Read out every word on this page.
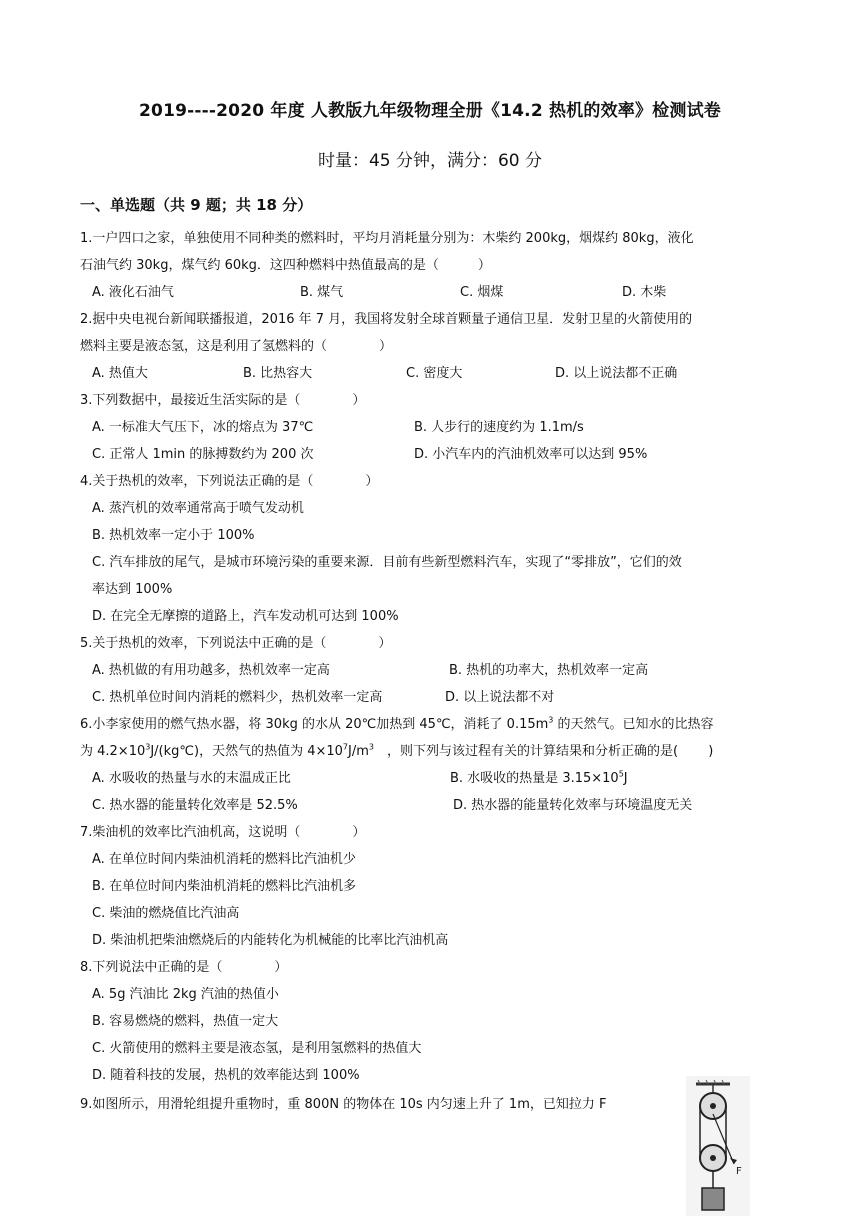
2019----2020 年度 人教版九年级物理全册《14.2 热机的效率》检测试卷
时量：45 分钟，满分：60 分
一、单选题（共 9 题；共 18 分）
1.一户四口之家，单独使用不同种类的燃料时，平均月消耗量分别为：木柴约 200kg，烟煤约 80kg，液化
石油气约 30kg，煤气约 60kg．这四种燃料中热值最高的是（　　　）
A. 液化石油气	B. 煤气	C. 烟煤	D. 木柴
2.据中央电视台新闻联播报道，2016 年 7 月，我国将发射全球首颗量子通信卫星．发射卫星的火箭使用的
燃料主要是液态氢，这是利用了氢燃料的（　　　　）
A. 热值大	B. 比热容大	C. 密度大	D. 以上说法都不正确
3.下列数据中，最接近生活实际的是（　　　　）
A. 一标准大气压下，冰的熔点为 37℃	B. 人步行的速度约为 1.1m/s
C. 正常人 1min 的脉搏数约为 200 次	D. 小汽车内的汽油机效率可以达到 95%
4.关于热机的效率，下列说法正确的是（　　　　）
A. 蒸汽机的效率通常高于喷气发动机
B. 热机效率一定小于 100%
C. 汽车排放的尾气，是城市环境污染的重要来源．目前有些新型燃料汽车，实现了“零排放”，它们的效
率达到 100%
D. 在完全无摩擦的道路上，汽车发动机可达到 100%
5.关于热机的效率，下列说法中正确的是（　　　　）
A. 热机做的有用功越多，热机效率一定高	B. 热机的功率大，热机效率一定高
C. 热机单位时间内消耗的燃料少，热机效率一定高	D. 以上说法都不对
6.小李家使用的燃气热水器，将 30kg 的水从 20℃加热到 45℃，消耗了 $0.15m^3$ 的天然气。已知水的比热容
为 $4.2\times 10^3J/(kg℃)$，天然气的热值为 $4\times 10^7J/m^3$　，则下列与该过程有关的计算结果和分析正确的是(　　 )
A. 水吸收的热量与水的末温成正比	B. 水吸收的热量是 $3.15\times 10^5J$
C. 热水器的能量转化效率是 52.5%	D. 热水器的能量转化效率与环境温度无关
7.柴油机的效率比汽油机高，这说明（　　　　）
A. 在单位时间内柴油机消耗的燃料比汽油机少
B. 在单位时间内柴油机消耗的燃料比汽油机多
C. 柴油的燃烧值比汽油高
D. 柴油机把柴油燃烧后的内能转化为机械能的比率比汽油机高
8.下列说法中正确的是（　　　　）
A. 5g 汽油比 2kg 汽油的热值小
B. 容易燃烧的燃料，热值一定大
C. 火箭使用的燃料主要是液态氢，是利用氢燃料的热值大
D. 随着科技的发展，热机的效率能达到 100%
9.如图所示，用滑轮组提升重物时，重 800N 的物体在 10s 内匀速上升了 1m，已知拉力 F
F
